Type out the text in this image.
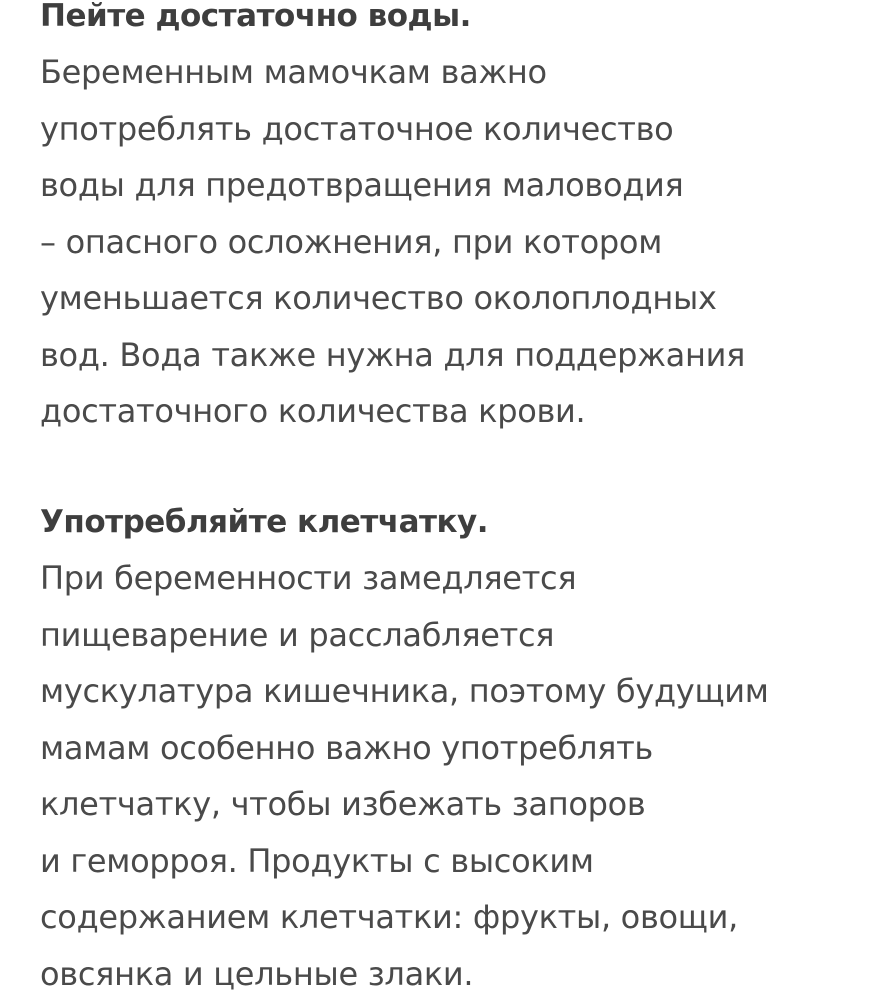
Пейте достаточно воды.
Беременным мамочкам важно
употреблять достаточное количество
воды для предотвращения маловодия
– опасного осложнения, при котором
уменьшается количество околоплодных
вод. Вода также нужна для поддержания
достаточного количества крови.
Употребляйте клетчатку.
При беременности замедляется
пищеварение и расслабляется
мускулатура кишечника, поэтому будущим
мамам особенно важно употреблять
клетчатку, чтобы избежать запоров
и геморроя. Продукты с высоким
содержанием клетчатки: фрукты, овощи,
овсянка и цельные злаки.
